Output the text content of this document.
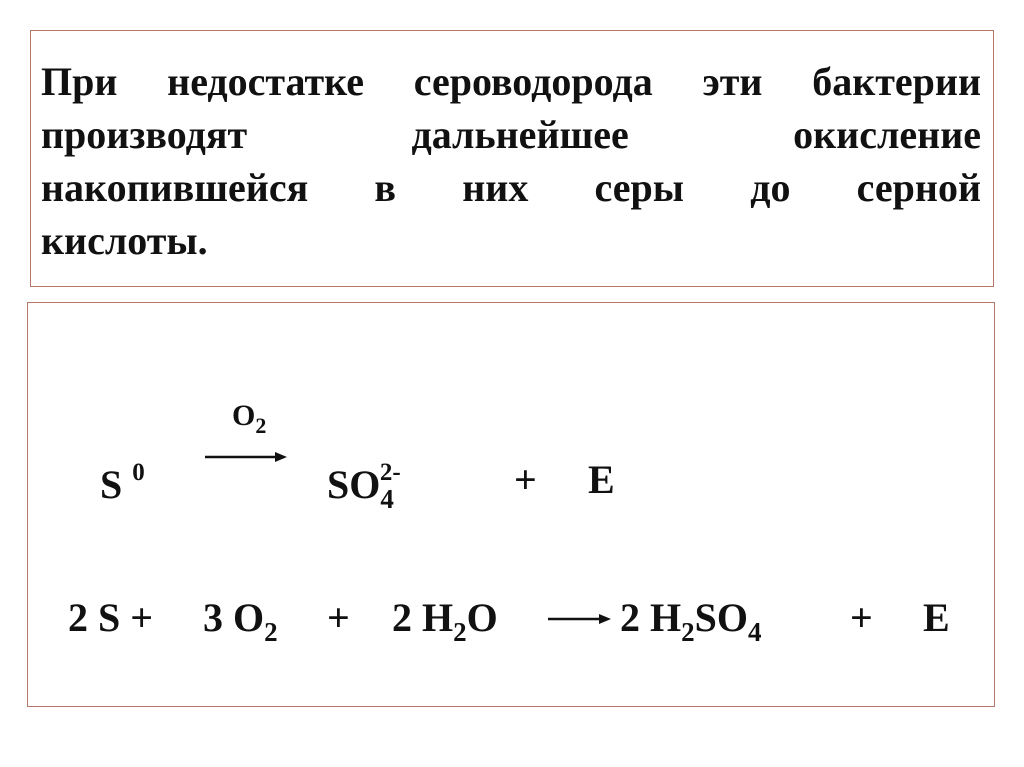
При недостатке сероводорода эти бактерии
производят дальнейшее окисление
накопившейся в них серы до серной
кислоты.
$O_2$
S $^0$	$SO_4^{2-}$	+ E
2 S + 3 $O_2 + 2$ $H_2O$	2 $H_2SO_4 + E$
